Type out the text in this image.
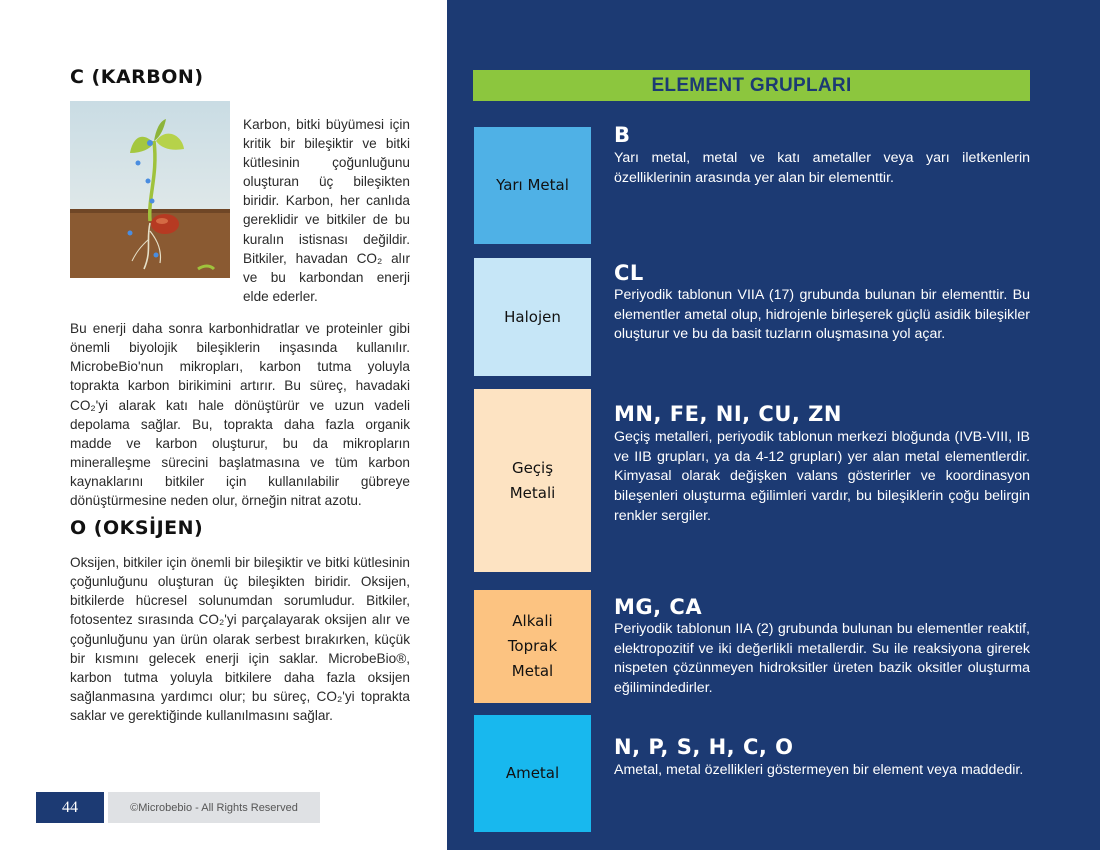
C (KARBON)

Karbon, bitki büyümesi için kritik bir bileşiktir ve bitki kütlesinin çoğunluğunu oluşturan üç bileşikten biridir. Karbon, her canlıda gereklidir ve bitkiler de bu kuralın istisnası değildir. Bitkiler, havadan CO₂ alır ve bu karbondan enerji elde ederler.

Bu enerji daha sonra karbonhidratlar ve proteinler gibi önemli biyolojik bileşiklerin inşasında kullanılır. MicrobeBio'nun mikropları, karbon tutma yoluyla toprakta karbon birikimini artırır. Bu süreç, havadaki CO₂'yi alarak katı hale dönüştürür ve uzun vadeli depolama sağlar. Bu, toprakta daha fazla organik madde ve karbon oluşturur, bu da mikropların mineralleşme sürecini başlatmasına ve tüm karbon kaynaklarını bitkiler için kullanılabilir gübreye dönüştürmesine neden olur, örneğin nitrat azotu.

O (OKSİJEN)

Oksijen, bitkiler için önemli bir bileşiktir ve bitki kütlesinin çoğunluğunu oluşturan üç bileşikten biridir. Oksijen, bitkilerde hücresel solunumdan sorumludur. Bitkiler, fotosentez sırasında CO₂'yi parçalayarak oksijen alır ve çoğunluğunu yan ürün olarak serbest bırakırken, küçük bir kısmını gelecek enerji için saklar. MicrobeBio®, karbon tutma yoluyla bitkilere daha fazla oksijen sağlanmasına yardımcı olur; bu süreç, CO₂'yi toprakta saklar ve gerektiğinde kullanılmasını sağlar.

44	©Microbebio - All Rights Reserved
ELEMENT GRUPLARI
Yarı Metal
B

Yarı metal, metal ve katı ametaller veya yarı iletkenlerin özelliklerinin arasında yer alan bir elementtir.

Halojen
CL

Periyodik tablonun VIIA (17) grubunda bulunan bir elementtir. Bu elementler ametal olup, hidrojenle birleşerek güçlü asidik bileşikler oluşturur ve bu da basit tuzların oluşmasına yol açar.

Geçiş
Metali
MN, FE, NI, CU, ZN

Geçiş metalleri, periyodik tablonun merkezi bloğunda (IVB-VIII, IB ve IIB grupları, ya da 4-12 grupları) yer alan metal elementlerdir. Kimyasal olarak değişken valans gösterirler ve koordinasyon bileşenleri oluşturma eğilimleri vardır, bu bileşiklerin çoğu belirgin renkler sergiler.

Alkali
Toprak
Metal
MG, CA

Periyodik tablonun IIA (2) grubunda bulunan bu elementler reaktif, elektropozitif ve iki değerlikli metallerdir. Su ile reaksiyona girerek nispeten çözünmeyen hidroksitler üreten bazik oksitler oluşturma eğilimindedirler.

Ametal
N, P, S, H, C, O

Ametal, metal özellikleri göstermeyen bir element veya maddedir.
